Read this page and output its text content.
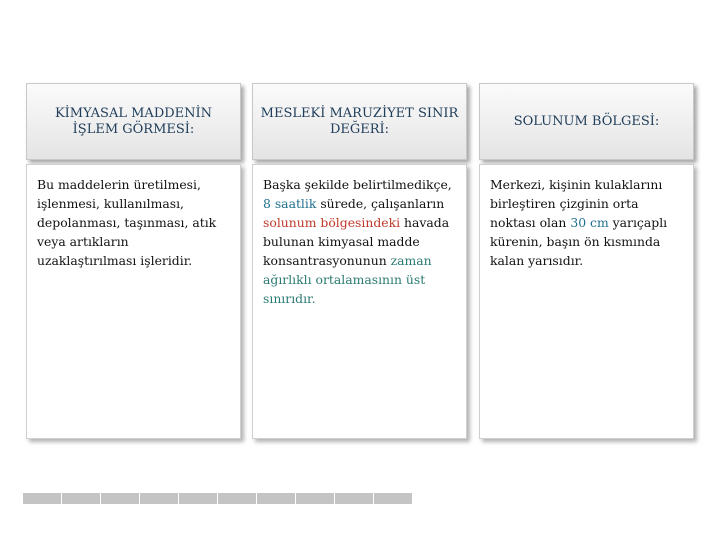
KİMYASAL MADDENİN İŞLEM GÖRMESİ:
Bu maddelerin üretilmesi, işlenmesi, kullanılması, depolanması, taşınması, atık veya artıkların uzaklaştırılması işleridir.
MESLEKİ MARUZİYET SINIR DEĞERİ:
Başka şekilde belirtilmedikçe, 8 saatlik sürede, çalışanların solunum bölgesindeki havada bulunan kimyasal madde konsantrasyonunun zaman ağırlıklı ortalamasının üst sınırıdır.
SOLUNUM BÖLGESİ:
Merkezi, kişinin kulaklarını birleştiren çizginin orta noktası olan 30 cm yarıçaplı kürenin, başın ön kısmında kalan yarısıdır.
